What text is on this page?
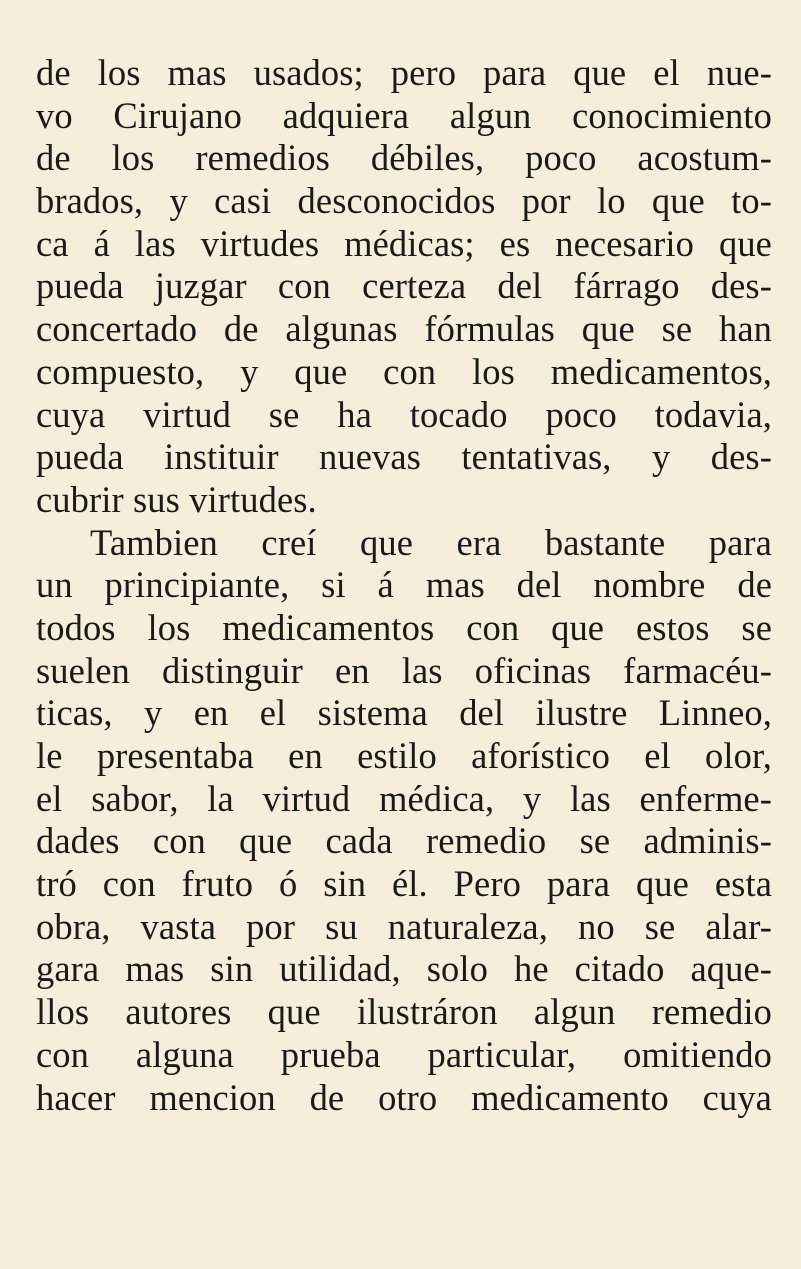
de los mas usados; pero para que el nue-
vo Cirujano adquiera algun conocimiento
de los remedios débiles, poco acostum-
brados, y casi desconocidos por lo que to-
ca á las virtudes médicas; es necesario que
pueda juzgar con certeza del fárrago des-
concertado de algunas fórmulas que se han
compuesto, y que con los medicamentos,
cuya virtud se ha tocado poco todavia,
pueda instituir nuevas tentativas, y des-
cubrir sus virtudes.
Tambien creí que era bastante para
un principiante, si á mas del nombre de
todos los medicamentos con que estos se
suelen distinguir en las oficinas farmacéu-
ticas, y en el sistema del ilustre Linneo,
le presentaba en estilo aforístico el olor,
el sabor, la virtud médica, y las enferme-
dades con que cada remedio se adminis-
tró con fruto ó sin él. Pero para que esta
obra, vasta por su naturaleza, no se alar-
gara mas sin utilidad, solo he citado aque-
llos autores que ilustráron algun remedio
con alguna prueba particular, omitiendo
hacer mencion de otro medicamento cuya
